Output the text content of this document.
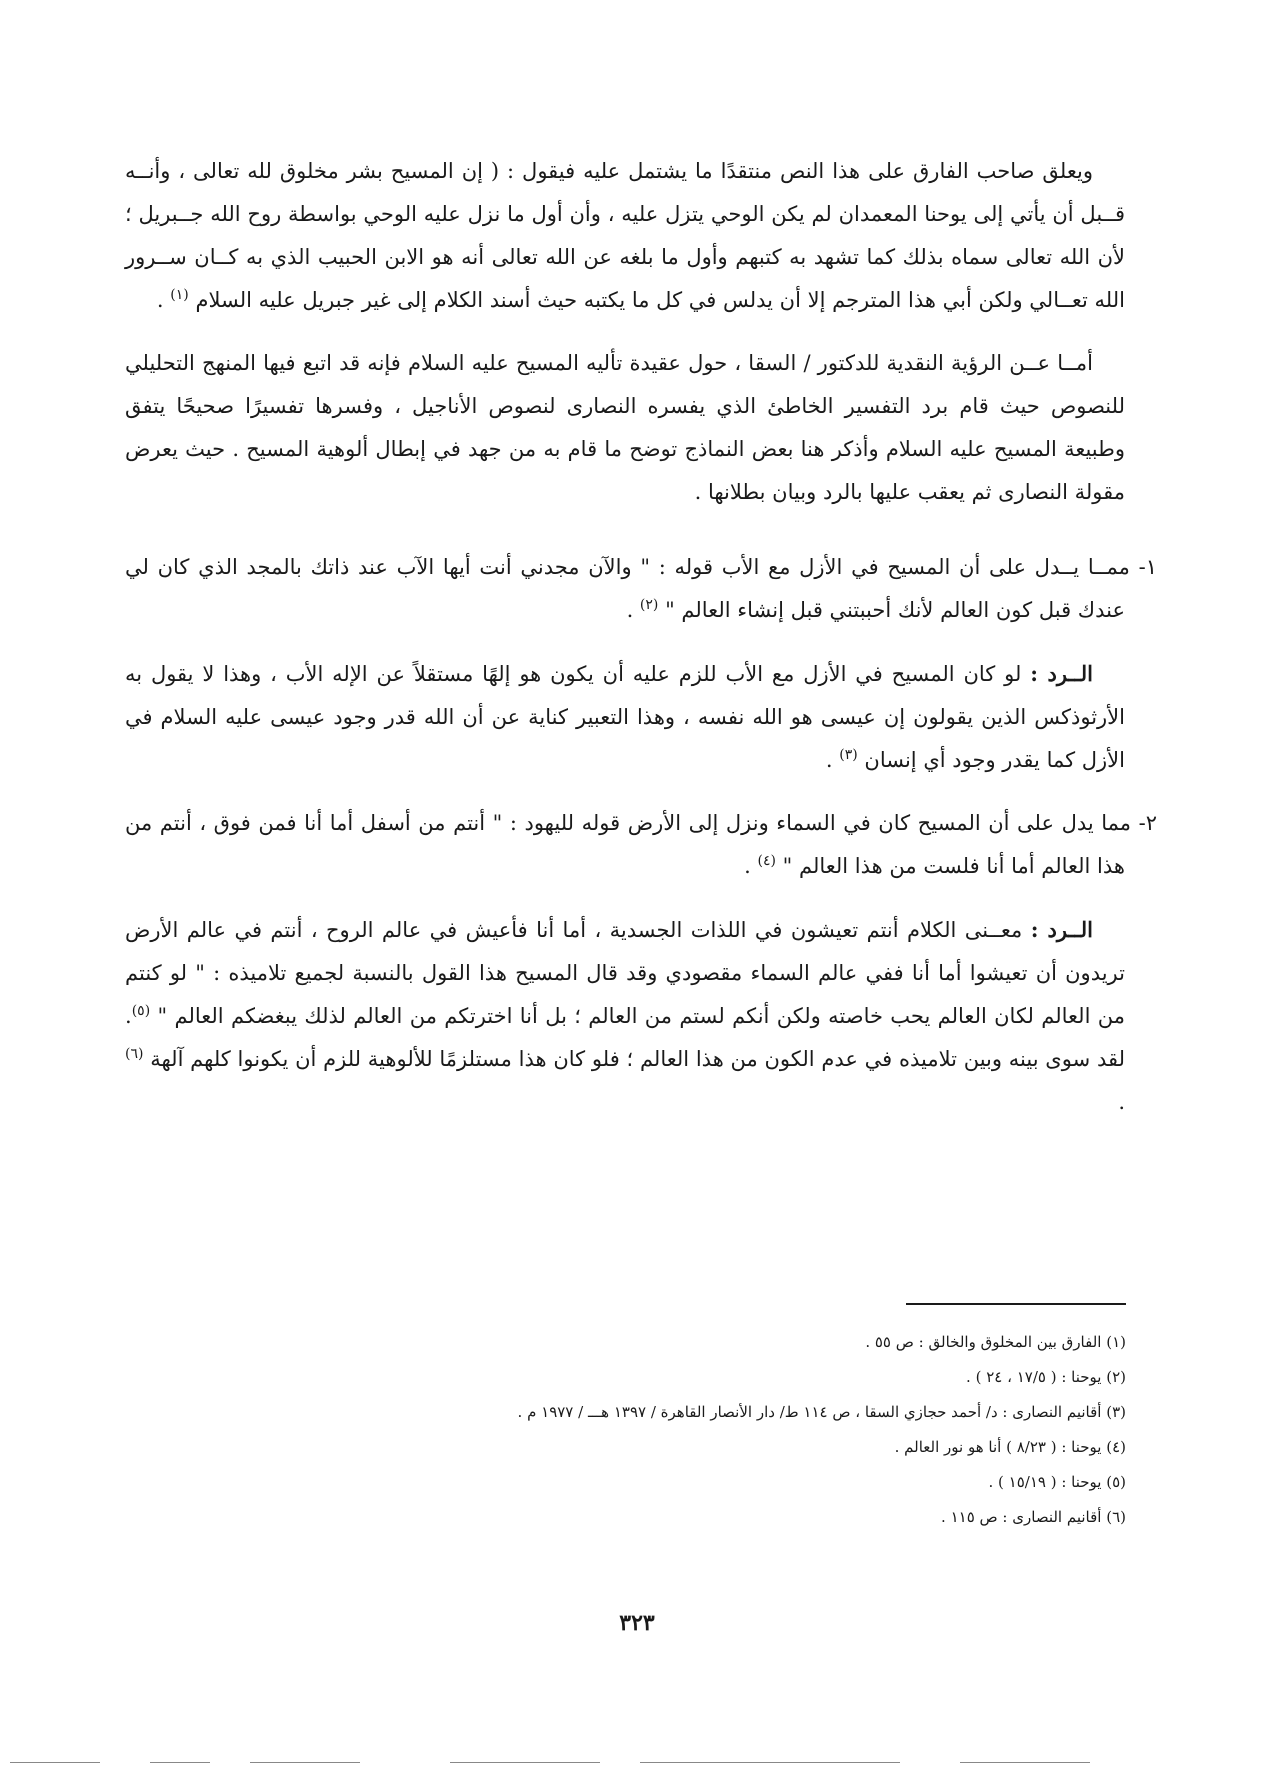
ويعلق صاحب الفارق على هذا النص منتقدًا ما يشتمل عليه فيقول : ( إن المسيح بشر مخلوق لله تعالى ، وأنــه قــبل أن يأتي إلى يوحنا المعمدان لم يكن الوحي يتزل عليه ، وأن أول ما نزل عليه الوحي بواسطة روح الله جــبريل ؛ لأن الله تعالى سماه بذلك كما تشهد به كتبهم وأول ما بلغه عن الله تعالى أنه هو الابن الحبيب الذي به كــان ســرور الله تعــالي ولكن أبي هذا المترجم إلا أن يدلس في كل ما يكتبه حيث أسند الكلام إلى غير جبريل عليه السلام $^{(١)}$ .

أمــا عــن الرؤية النقدية للدكتور / السقا ، حول عقيدة تأليه المسيح عليه السلام فإنه قد اتبع فيها المنهج التحليلي للنصوص حيث قام برد التفسير الخاطئ الذي يفسره النصارى لنصوص الأناجيل ، وفسرها تفسيرًا صحيحًا يتفق وطبيعة المسيح عليه السلام وأذكر هنا بعض النماذج توضح ما قام به من جهد في إبطال ألوهية المسيح . حيث يعرض مقولة النصارى ثم يعقب عليها بالرد وبيان بطلانها .

١- ممــا يــدل على أن المسيح في الأزل مع الأب قوله : " والآن مجدني أنت أيها الآب عند ذاتك بالمجد الذي كان لي عندك قبل كون العالم لأنك أحببتني قبل إنشاء العالم " $^{(٢)}$ .

الــرد : لو كان المسيح في الأزل مع الأب للزم عليه أن يكون هو إلهًا مستقلاً عن الإله الأب ، وهذا لا يقول به الأرثوذكس الذين يقولون إن عيسى هو الله نفسه ، وهذا التعبير كناية عن أن الله قدر وجود عيسى عليه السلام في الأزل كما يقدر وجود أي إنسان $^{(٣)}$ .

٢- مما يدل على أن المسيح كان في السماء ونزل إلى الأرض قوله لليهود : " أنتم من أسفل أما أنا فمن فوق ، أنتم من هذا العالم أما أنا فلست من هذا العالم " $^{(٤)}$ .

الــرد : معــنى الكلام أنتم تعيشون في اللذات الجسدية ، أما أنا فأعيش في عالم الروح ، أنتم في عالم الأرض تريدون أن تعيشوا أما أنا ففي عالم السماء مقصودي وقد قال المسيح هذا القول بالنسبة لجميع تلاميذه : " لو كنتم من العالم لكان العالم يحب خاصته ولكن أنكم لستم من العالم ؛ بل أنا اخترتكم من العالم لذلك يبغضكم العالم " $^{(٥)}$. لقد سوى بينه وبين تلاميذه في عدم الكون من هذا العالم ؛ فلو كان هذا مستلزمًا للألوهية للزم أن يكونوا كلهم آلهة $^{(٦)}$ .

(١) الفارق بين المخلوق والخالق : ص ٥٥ .
(٢) يوحنا : ( ١٧/٥ ، ٢٤ ) .
(٣) أقانيم النصارى : د/ أحمد حجازي السقا ، ص ١١٤ ط/ دار الأنصار القاهرة / ١٣٩٧ هـــ / ١٩٧٧ م .
(٤) يوحنا : ( ٨/٢٣ ) أنا هو نور العالم .
(٥) يوحنا : ( ١٥/١٩ ) .
(٦) أقانيم النصارى : ص ١١٥ .
٣٢٣
